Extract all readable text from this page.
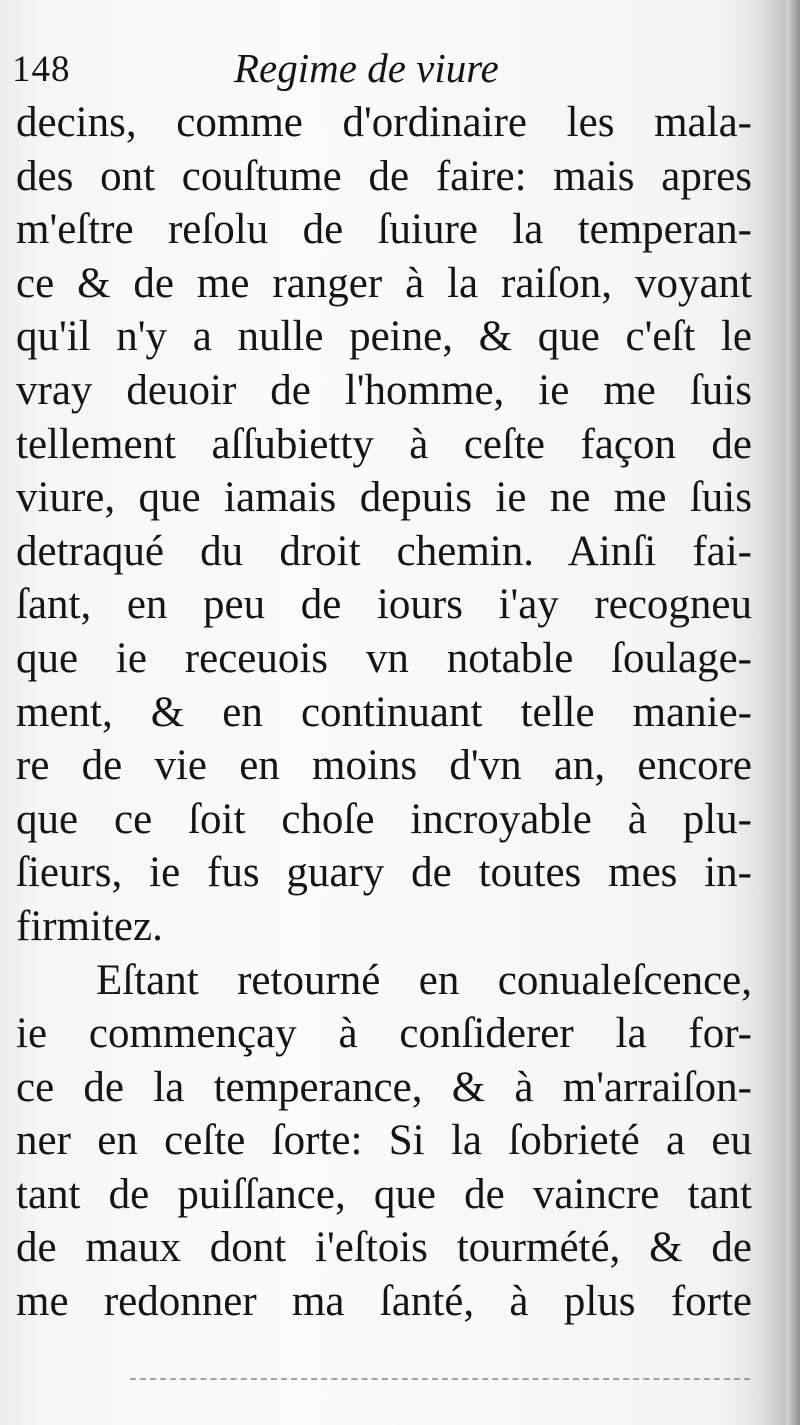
148	Regime de viure
decins, comme d'ordinaire les mala-
des ont couſtume de faire: mais apres
m'eſtre reſolu de ſuiure la temperan-
ce & de me ranger à la raiſon, voyant
qu'il n'y a nulle peine, & que c'eſt le
vray deuoir de l'homme, ie me ſuis
tellement aſſubietty à ceſte façon de
viure, que iamais depuis ie ne me ſuis
detraqué du droit chemin. Ainſi fai-
ſant, en peu de iours i'ay recogneu
que ie receuois vn notable ſoulage-
ment, & en continuant telle manie-
re de vie en moins d'vn an, encore
que ce ſoit choſe incroyable à plu-
ſieurs, ie fus guary de toutes mes in-
firmitez.
Eſtant retourné en conualeſcence,
ie commençay à conſiderer la for-
ce de la temperance, & à m'arraiſon-
ner en ceſte ſorte: Si la ſobrieté a eu
tant de puiſſance, que de vaincre tant
de maux dont i'eſtois tourmété, & de
me redonner ma ſanté, à plus forte
